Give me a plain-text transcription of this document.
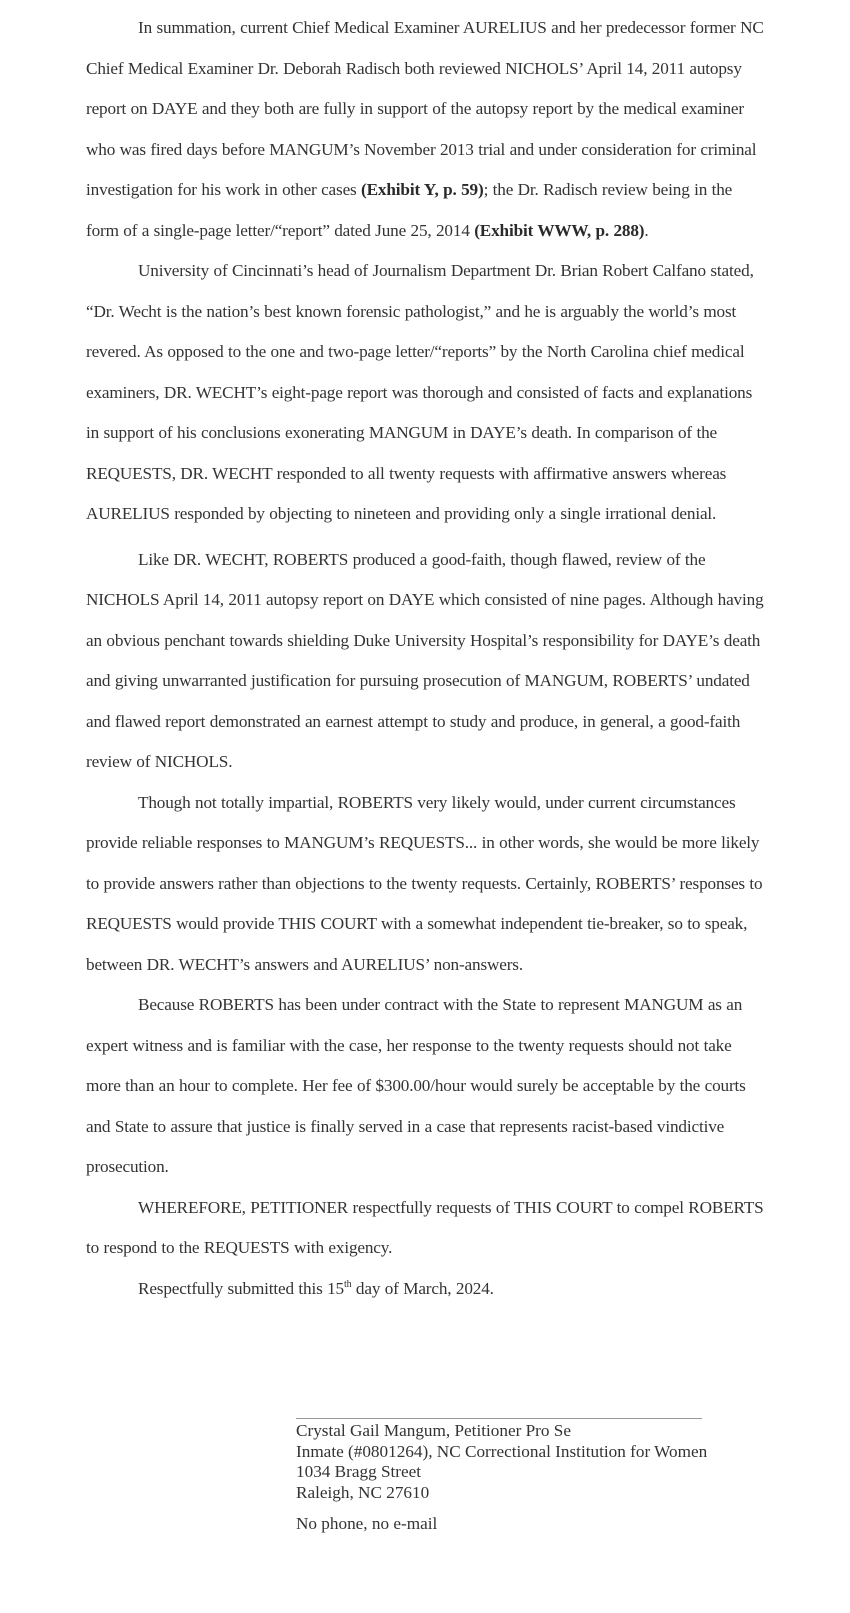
In summation, current Chief Medical Examiner AURELIUS and her predecessor former NC Chief Medical Examiner Dr. Deborah Radisch both reviewed NICHOLS’ April 14, 2011 autopsy report on DAYE and they both are fully in support of the autopsy report by the medical examiner who was fired days before MANGUM’s November 2013 trial and under consideration for criminal investigation for his work in other cases (Exhibit Y, p. 59); the Dr. Radisch review being in the form of a single-page letter/“report” dated June 25, 2014 (Exhibit WWW, p. 288).

University of Cincinnati’s head of Journalism Department Dr. Brian Robert Calfano stated, “Dr. Wecht is the nation’s best known forensic pathologist,” and he is arguably the world’s most revered. As opposed to the one and two-page letter/“reports” by the North Carolina chief medical examiners, DR. WECHT’s eight-page report was thorough and consisted of facts and explanations in support of his conclusions exonerating MANGUM in DAYE’s death. In comparison of the REQUESTS, DR. WECHT responded to all twenty requests with affirmative answers whereas AURELIUS responded by objecting to nineteen and providing only a single irrational denial.

Like DR. WECHT, ROBERTS produced a good-faith, though flawed, review of the NICHOLS April 14, 2011 autopsy report on DAYE which consisted of nine pages. Although having an obvious penchant towards shielding Duke University Hospital’s responsibility for DAYE’s death and giving unwarranted justification for pursuing prosecution of MANGUM, ROBERTS’ undated and flawed report demonstrated an earnest attempt to study and produce, in general, a good-faith review of NICHOLS.

Though not totally impartial, ROBERTS very likely would, under current circumstances provide reliable responses to MANGUM’s REQUESTS... in other words, she would be more likely to provide answers rather than objections to the twenty requests. Certainly, ROBERTS’ responses to REQUESTS would provide THIS COURT with a somewhat independent tie-breaker, so to speak, between DR. WECHT’s answers and AURELIUS’ non-answers.

Because ROBERTS has been under contract with the State to represent MANGUM as an expert witness and is familiar with the case, her response to the twenty requests should not take more than an hour to complete. Her fee of $300.00/hour would surely be acceptable by the courts and State to assure that justice is finally served in a case that represents racist-based vindictive prosecution.

WHEREFORE, PETITIONER respectfully requests of THIS COURT to compel ROBERTS to respond to the REQUESTS with exigency.

Respectfully submitted this 15th day of March, 2024.

Crystal Gail Mangum, Petitioner Pro Se

Inmate (#0801264), NC Correctional Institution for Women

1034 Bragg Street

Raleigh, NC 27610

No phone, no e-mail
